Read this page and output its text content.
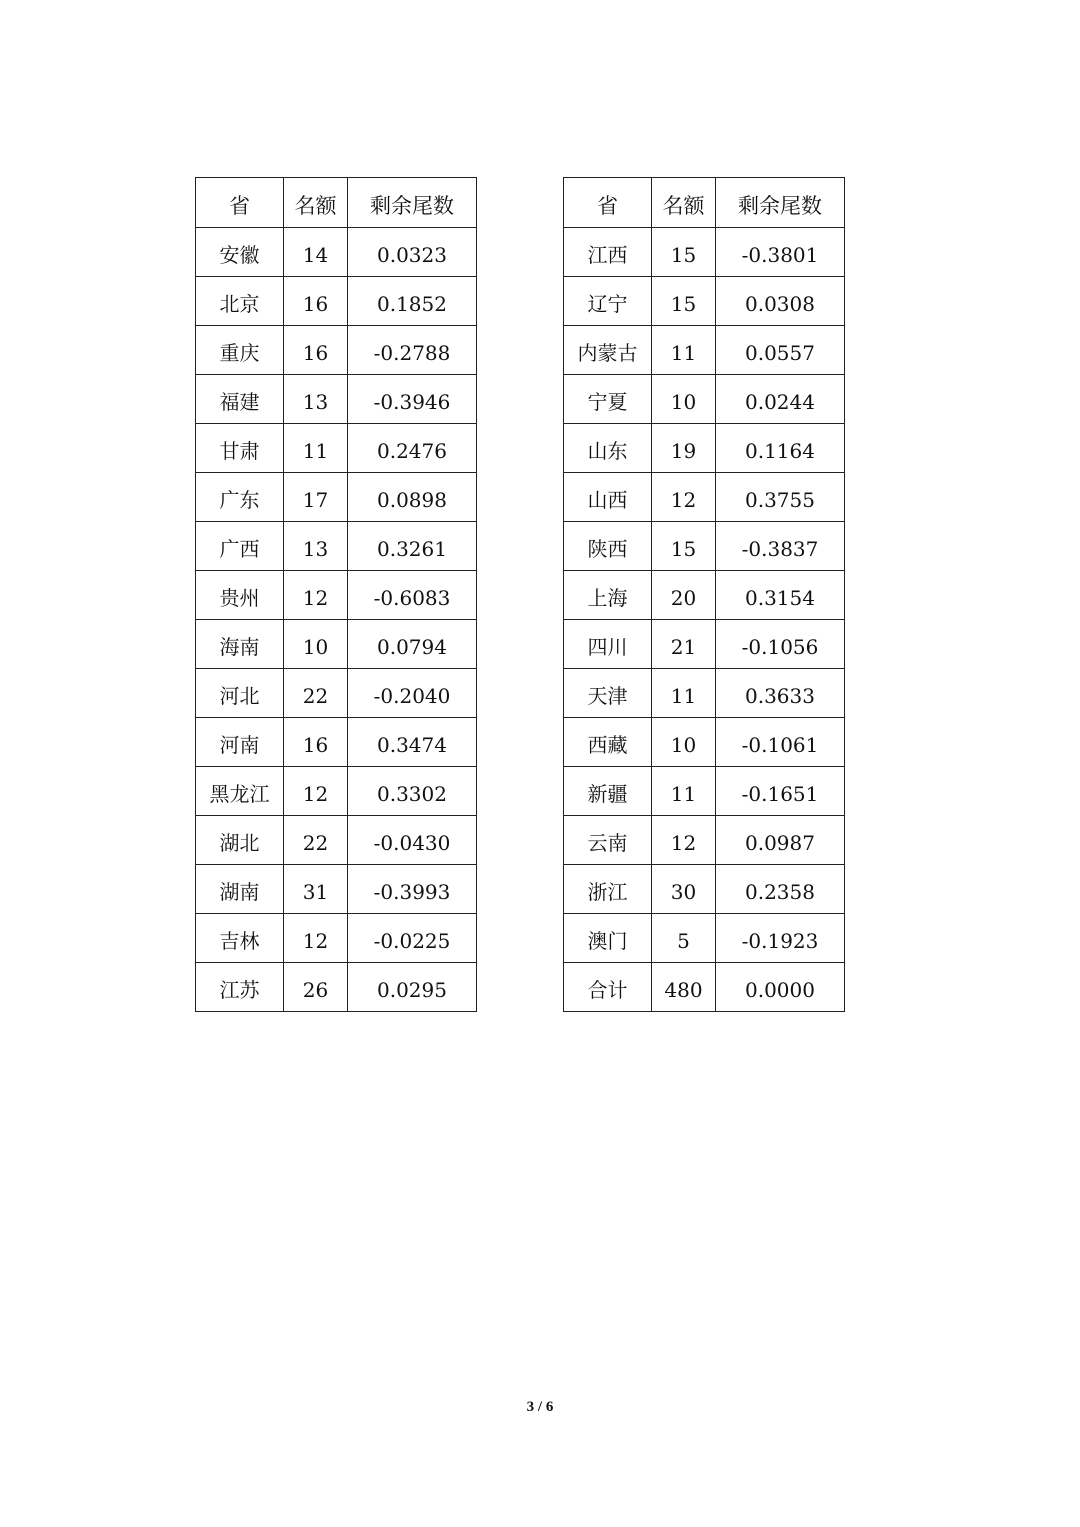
省	名额	剩余尾数
安徽	14	0.0323
北京	16	0.1852
重庆	16	-0.2788
福建	13	-0.3946
甘肃	11	0.2476
广东	17	0.0898
广西	13	0.3261
贵州	12	-0.6083
海南	10	0.0794
河北	22	-0.2040
河南	16	0.3474
黑龙江	12	0.3302
湖北	22	-0.0430
湖南	31	-0.3993
吉林	12	-0.0225
江苏	26	0.0295
省	名额	剩余尾数
江西	15	-0.3801
辽宁	15	0.0308
内蒙古	11	0.0557
宁夏	10	0.0244
山东	19	0.1164
山西	12	0.3755
陕西	15	-0.3837
上海	20	0.3154
四川	21	-0.1056
天津	11	0.3633
西藏	10	-0.1061
新疆	11	-0.1651
云南	12	0.0987
浙江	30	0.2358
澳门	5	-0.1923
合计	480	0.0000
3 / 6
